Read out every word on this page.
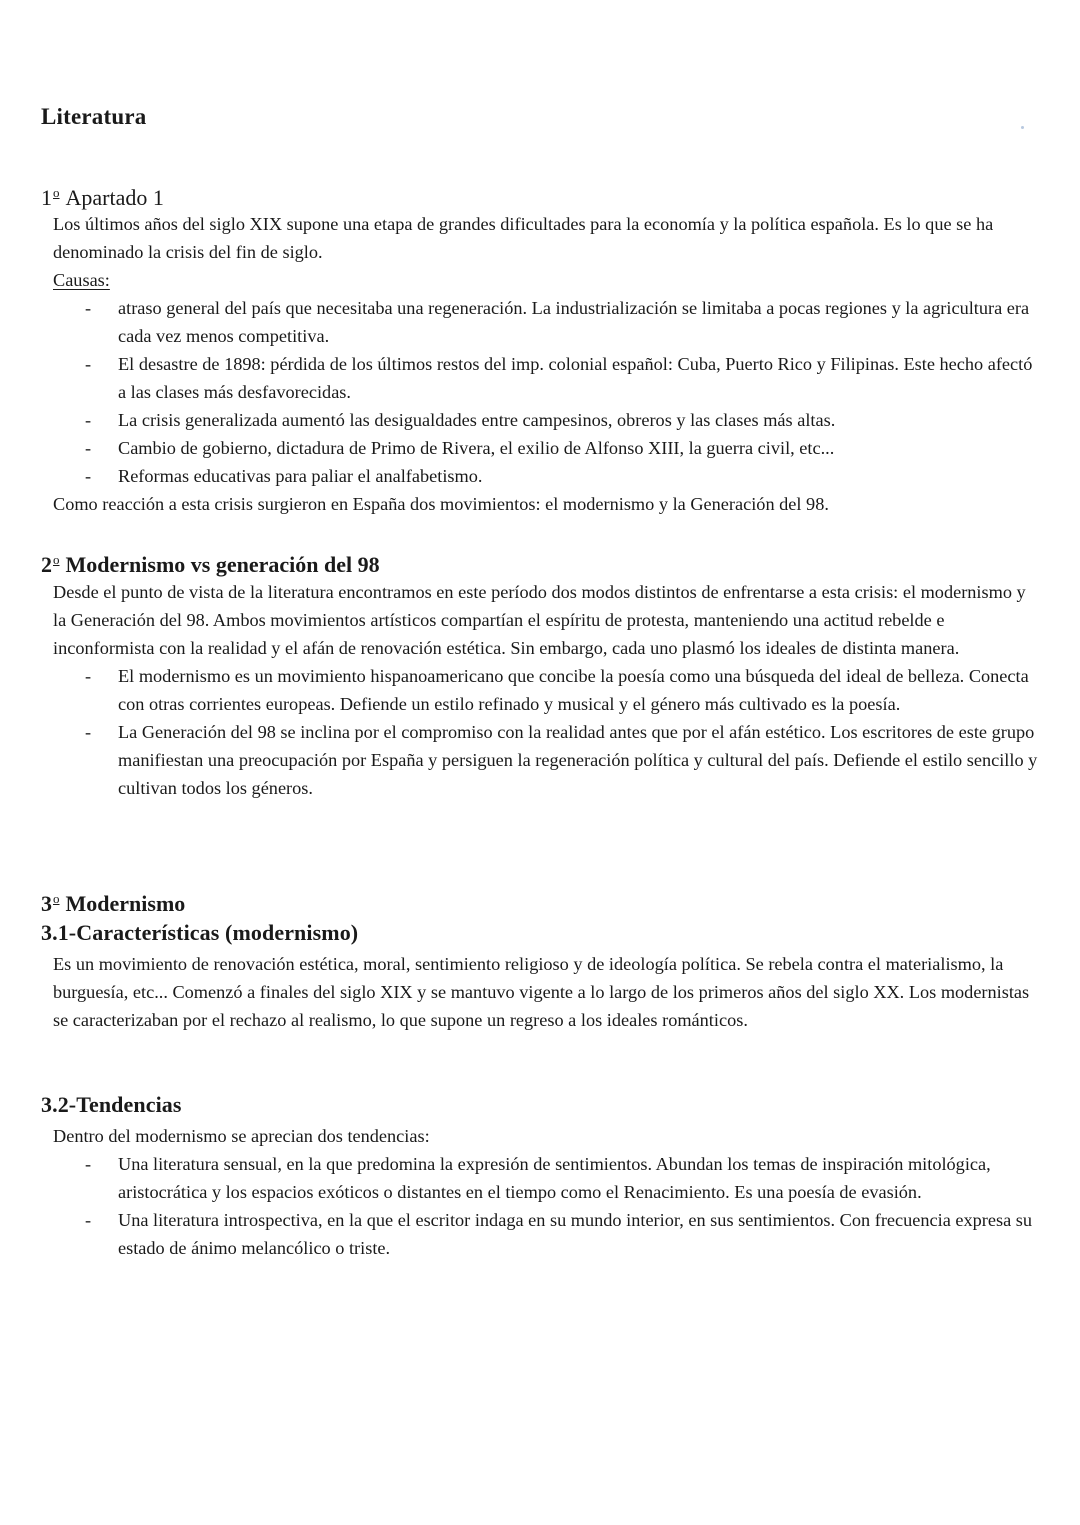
Literatura
1$^o$ Apartado 1

Los últimos años del siglo XIX supone una etapa de grandes dificultades para la economía y la política española. Es lo que se ha denominado la crisis del fin de siglo.

Causas:

- atraso general del país que necesitaba una regeneración. La industrialización se limitaba a pocas regiones y la agricultura era cada vez menos competitiva.
- El desastre de 1898: pérdida de los últimos restos del imp. colonial español: Cuba, Puerto Rico y Filipinas. Este hecho afectó a las clases más desfavorecidas.
- La crisis generalizada aumentó las desigualdades entre campesinos, obreros y las clases más altas.
- Cambio de gobierno, dictadura de Primo de Rivera, el exilio de Alfonso XIII, la guerra civil, etc...
- Reformas educativas para paliar el analfabetismo.

Como reacción a esta crisis surgieron en España dos movimientos: el modernismo y la Generación del 98.

2$^o$ Modernismo vs generación del 98

Desde el punto de vista de la literatura encontramos en este período dos modos distintos de enfrentarse a esta crisis: el modernismo y la Generación del 98. Ambos movimientos artísticos compartían el espíritu de protesta, manteniendo una actitud rebelde e inconformista con la realidad y el afán de renovación estética. Sin embargo, cada uno plasmó los ideales de distinta manera.

- El modernismo es un movimiento hispanoamericano que concibe la poesía como una búsqueda del ideal de belleza. Conecta con otras corrientes europeas. Defiende un estilo refinado y musical y el género más cultivado es la poesía.
- La Generación del 98 se inclina por el compromiso con la realidad antes que por el afán estético. Los escritores de este grupo manifiestan una preocupación por España y persiguen la regeneración política y cultural del país. Defiende el estilo sencillo y cultivan todos los géneros.
3$^o$ Modernismo
3.1-Características (modernismo)

Es un movimiento de renovación estética, moral, sentimiento religioso y de ideología política. Se rebela contra el materialismo, la burguesía, etc... Comenzó a finales del siglo XIX y se mantuvo vigente a lo largo de los primeros años del siglo XX. Los modernistas se caracterizaban por el rechazo al realismo, lo que supone un regreso a los ideales románticos.

3.2-Tendencias

Dentro del modernismo se aprecian dos tendencias:

- Una literatura sensual, en la que predomina la expresión de sentimientos. Abundan los temas de inspiración mitológica, aristocrática y los espacios exóticos o distantes en el tiempo como el Renacimiento. Es una poesía de evasión.
- Una literatura introspectiva, en la que el escritor indaga en su mundo interior, en sus sentimientos. Con frecuencia expresa su estado de ánimo melancólico o triste.
